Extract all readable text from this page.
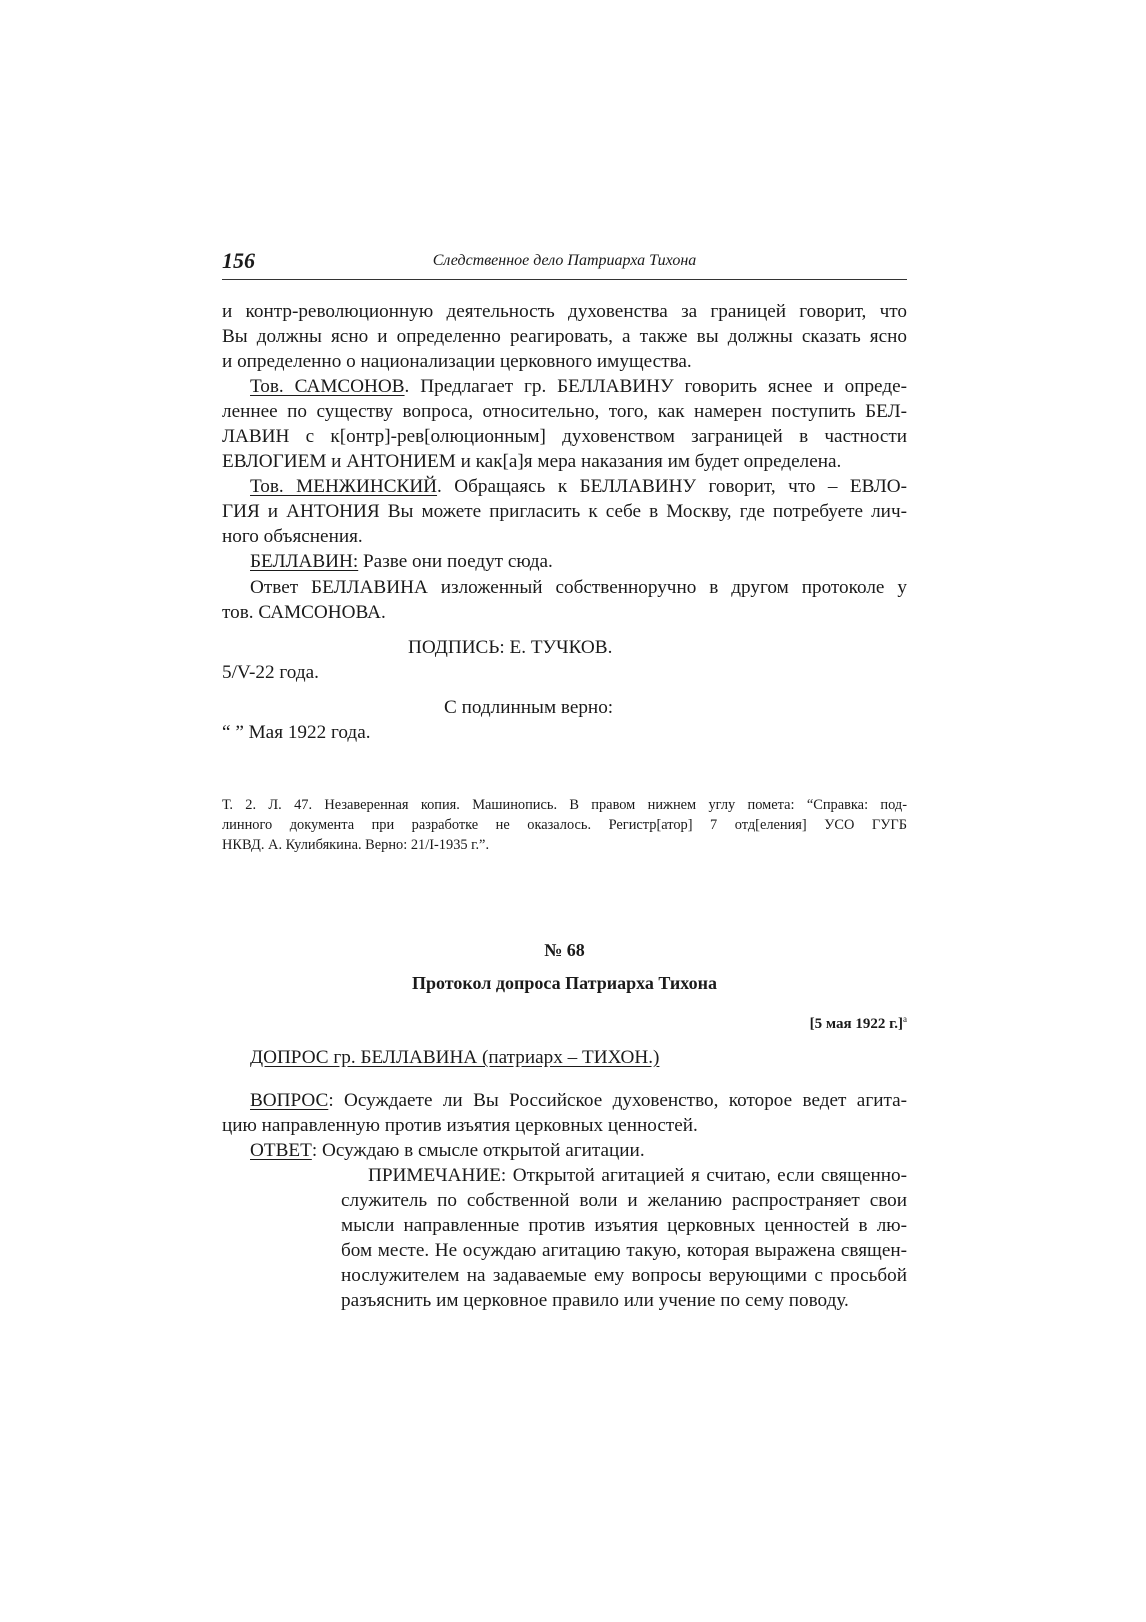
156	Следственное дело Патриарха Тихона
и контр-революционную деятельность духовенства за границей говорит, что
Вы должны ясно и определенно реагировать, а также вы должны сказать ясно
и определенно о национализации церковного имущества.
Тов. САМСОНОВ. Предлагает гр. БЕЛЛАВИНУ говорить яснее и опреде-
леннее по существу вопроса, относительно, того, как намерен поступить БЕЛ-
ЛАВИН с к[онтр]-рев[олюционным] духовенством заграницей в частности
ЕВЛОГИЕМ и АНТОНИЕМ и как[а]я мера наказания им будет определена.
Тов. МЕНЖИНСКИЙ. Обращаясь к БЕЛЛАВИНУ говорит, что – ЕВЛО-
ГИЯ и АНТОНИЯ Вы можете пригласить к себе в Москву, где потребуете лич-
ного объяснения.
БЕЛЛАВИН: Разве они поедут сюда.
Ответ БЕЛЛАВИНА изложенный собственноручно в другом протоколе у
тов. САМСОНОВА.
ПОДПИСЬ: Е. ТУЧКОВ.
5/V-22 года.
С подлинным верно:
“ ” Мая 1922 года.
Т. 2. Л. 47. Незаверенная копия. Машинопись. В правом нижнем углу помета: “Справка: под-
линного документа при разработке не оказалось. Регистр[атор] 7 отд[еления] УСО ГУГБ
НКВД. А. Кулибякина. Верно: 21/I-1935 г.”.
№ 68
Протокол допроса Патриарха Тихона
[5 мая 1922 г.]$^а$
ДОПРОС гр. БЕЛЛАВИНА (патриарх – ТИХОН.)
ВОПРОС: Осуждаете ли Вы Российское духовенство, которое ведет агита-
цию направленную против изъятия церковных ценностей.
ОТВЕТ: Осуждаю в смысле открытой агитации.
ПРИМЕЧАНИЕ: Открытой агитацией я считаю, если священно-
служитель по собственной воли и желанию распространяет свои
мысли направленные против изъятия церковных ценностей в лю-
бом месте. Не осуждаю агитацию такую, которая выражена священ-
нослужителем на задаваемые ему вопросы верующими с просьбой
разъяснить им церковное правило или учение по сему поводу.
